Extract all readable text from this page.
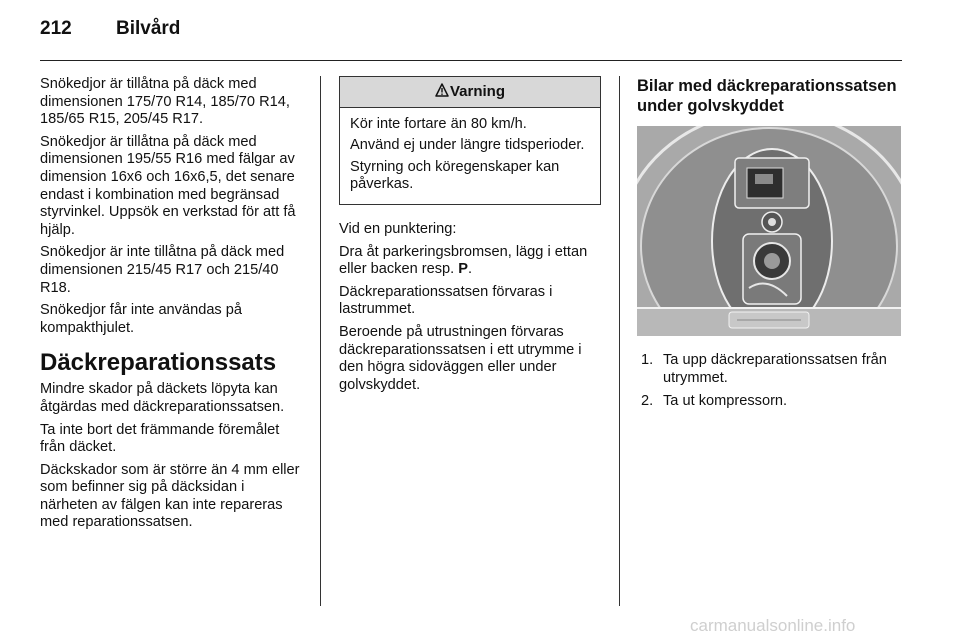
212 Bilvård

Snökedjor är tillåtna på däck med dimensionen 175/70 R14, 185/70 R14, 185/65 R15, 205/45 R17.

Snökedjor är tillåtna på däck med dimensionen 195/55 R16 med fälgar av dimension 16x6 och 16x6,5, det senare endast i kombination med begränsad styrvinkel. Uppsök en verkstad för att få hjälp.

Snökedjor är inte tillåtna på däck med dimensionen 215/45 R17 och 215/40 R18.

Snökedjor får inte användas på kompakthjulet.

Däckreparationssats

Mindre skador på däckets löpyta kan åtgärdas med däckreparationssatsen.

Ta inte bort det främmande föremålet från däcket.

Däckskador som är större än 4 mm eller som befinner sig på däcksidan i närheten av fälgen kan inte repareras med reparationssatsen.

Varning

Kör inte fortare än 80 km/h.

Använd ej under längre tidsperioder.

Styrning och köregenskaper kan påverkas.

Vid en punktering:

Dra åt parkeringsbromsen, lägg i ettan eller backen resp. P.

Däckreparationssatsen förvaras i lastrummet.

Beroende på utrustningen förvaras däckreparationssatsen i ett utrymme i den högra sidoväggen eller under golvskyddet.

Bilar med däckreparationssatsen under golvskyddet
1. Ta upp däckreparationssatsen från utrymmet.
2. Ta ut kompressorn.
carmanualsonline.info
